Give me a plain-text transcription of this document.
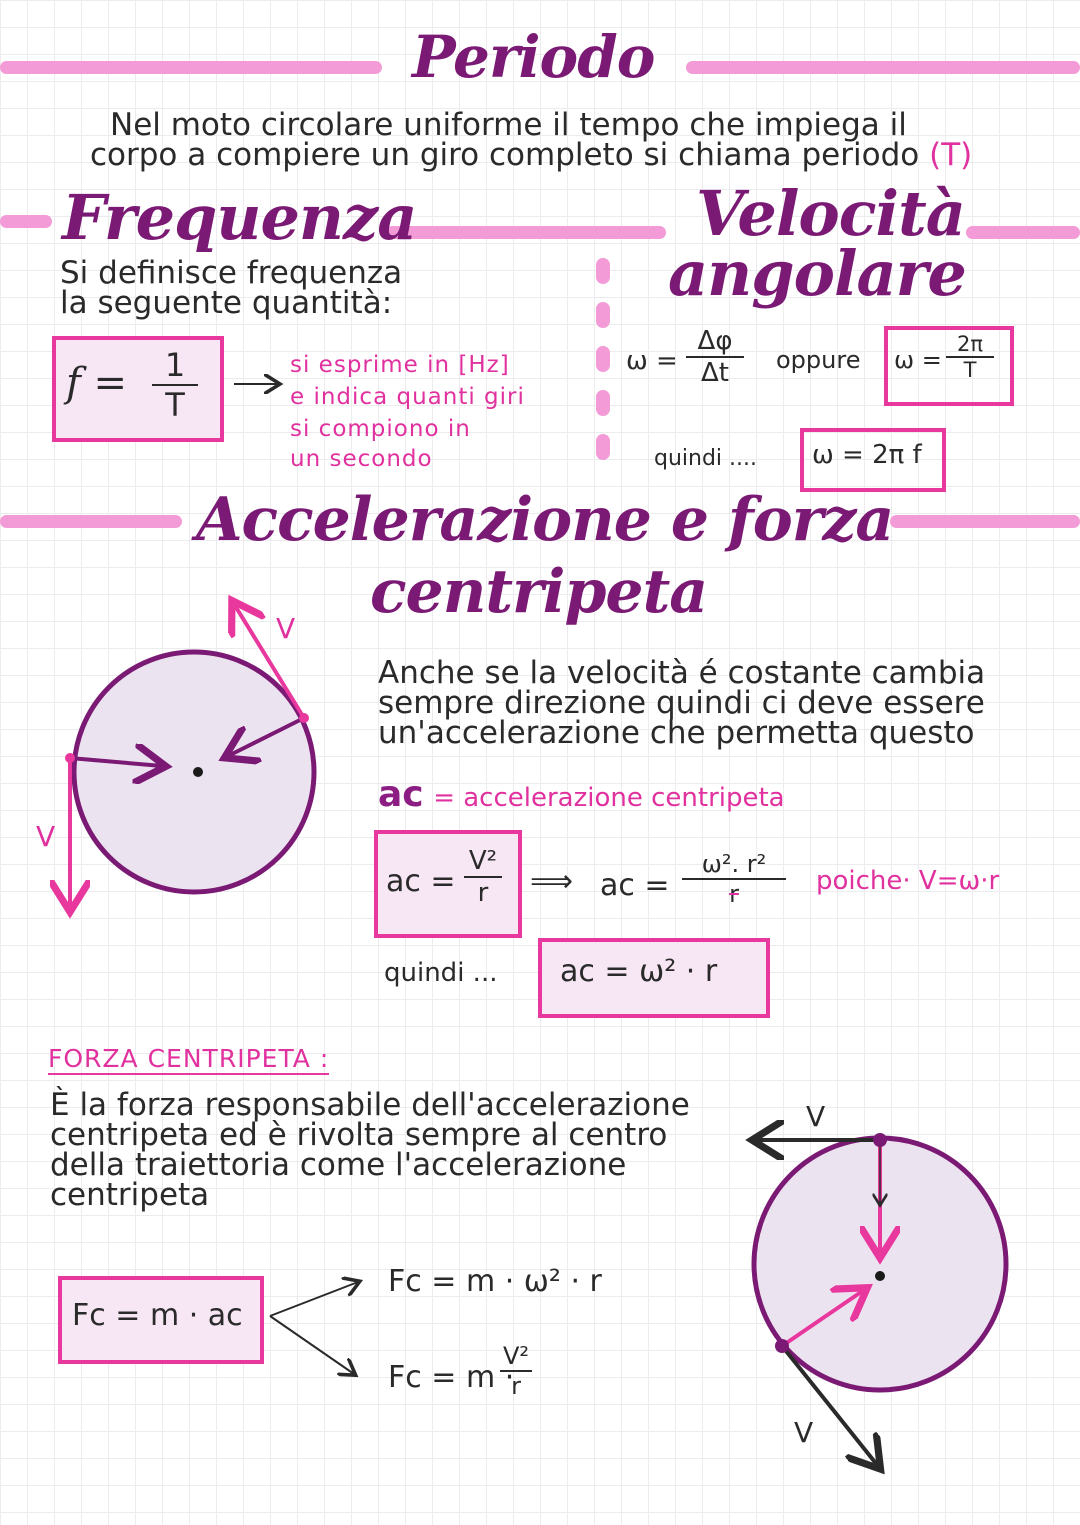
Periodo
Nel moto circolare uniforme il tempo che impiega il
corpo a compiere un giro completo si chiama periodo (T)
Frequenza
Si definisce frequenza
la seguente quantità:
$f = \frac{1}{T}$	si esprime in [Hz]
e indica quanti giri
si compiono in
un secondo
Velocità
angolare
$\omega = \frac{\Delta\varphi}{\Delta t}$ oppure $\omega = \frac{2\pi}{T}$
quindi .... ω = 2π f
Accelerazione e forza
centripeta
Anche se la velocità é costante cambia
sempre direzione quindi ci deve essere
un'accelerazione che permetta questo
ac = accelerazione centripeta
ac = $\frac{\text{V²}}{r}$ ⟹ ac = $\frac{\text{ω². r²}}{r}$ poiche· V=ω·r
quindi ... ac = ω² · r
FORZA CENTRIPETA :
È la forza responsabile dell'accelerazione
centripeta ed è rivolta sempre al centro
della traiettoria come l'accelerazione
centripeta
Fc = m · ac
Fc = m · ω² · r
Fc = m ·
$\frac{\text{V²}}{r}$
V
V
V
V
